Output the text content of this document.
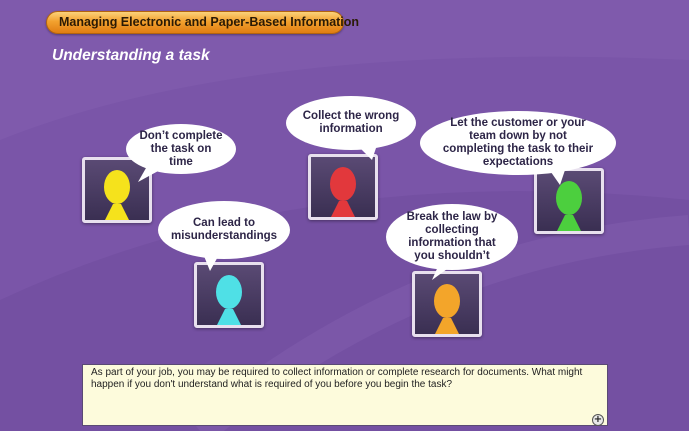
Managing Electronic and Paper-Based Information
Understanding a task
Don’t complete the task on time
Can lead to misunderstandings
Collect the wrong information
Break the law by collecting information that you shouldn’t
Let the customer or your team down by not completing the task to their expectations
As part of your job, you may be required to collect information or complete research for documents. What might happen if you don't understand what is required of you before you begin the task?
+
